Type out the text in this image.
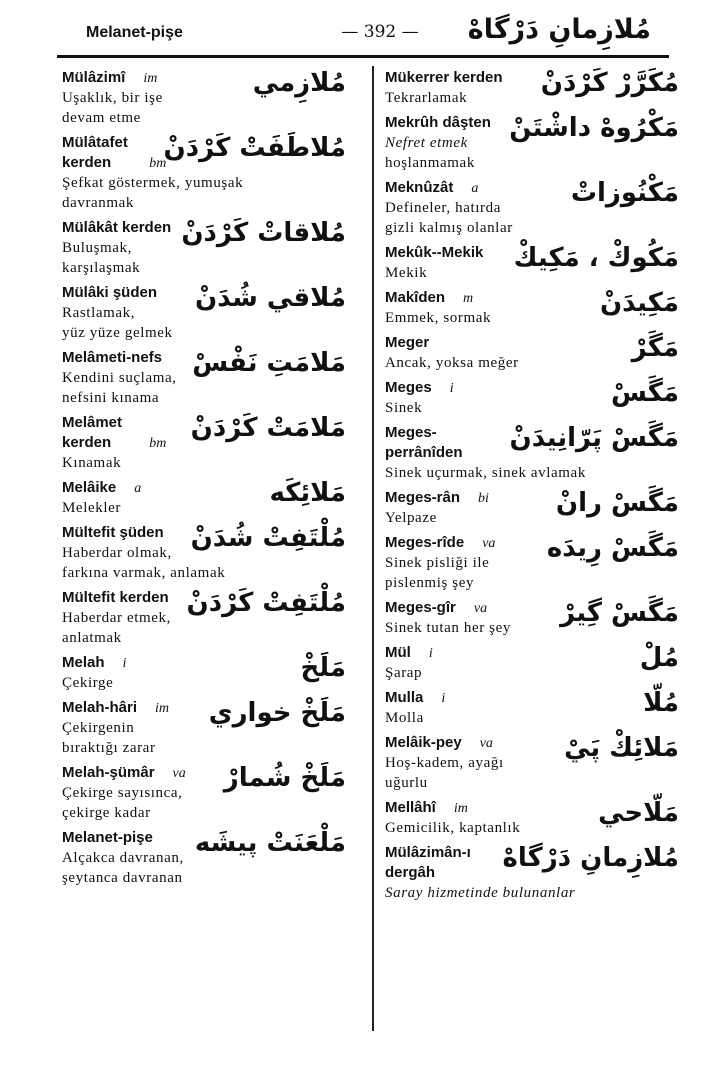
Melanet-pişe	— 392 —	مُلازِمانِ دَرْگاهْ
Mülâzimî im
Uşaklık, bir işe
devam etme
مُلازِمي
Mülâtafet
kerden	bm
Şefkat göstermek, yumuşak
davranmak
مُلاطَفَتْ كَرْدَنْ
Mülâkât kerden
Buluşmak,
karşılaşmak
مُلاقاتْ كَرْدَنْ
Mülâki şüden
Rastlamak,
yüz yüze gelmek
مُلاقي شُدَنْ
Melâmeti-nefs
Kendini suçlama,
nefsini kınama
مَلامَتِ نَفْسْ
Melâmet
kerden	bm
Kınamak
مَلامَتْ كَرْدَنْ
Melâike a
Melekler	مَلائِكَه
Mültefit şüden
Haberdar olmak,
farkına varmak, anlamak
مُلْتَفِتْ شُدَنْ
Mültefit kerden
Haberdar etmek,
anlatmak
مُلْتَفِتْ كَرْدَنْ
Melah i
Çekirge	مَلَخْ
Melah-hâri im
Çekirgenin
bıraktığı zarar
مَلَخْ خواري
Melah-şümâr va
Çekirge sayısınca,
çekirge kadar
مَلَخْ شُمارْ
Melanet-pişe
Alçakca davranan,
şeytanca davranan
مَلْعَنَتْ پيشَه
Mükerrer kerden
Tekrarlamak	مُكَرَّرْ كَرْدَنْ
Mekrûh dâşten
Nefret etmek
hoşlanmamak
مَكْرُوهْ داشْتَنْ
Meknûzât a
Defineler, hatırda
gizli kalmış olanlar
مَكْنُوزاتْ
Mekûk--Mekik
Mekik	مَكُوكْ ، مَكِيكْ
Makîden m
Emmek, sormak	مَكِيدَنْ
Meger
Ancak, yoksa meğer	مَگَرْ
Meges i
Sinek	مَگَسْ
Meges-
perrânîden
Sinek uçurmak, sinek avlamak
مَگَسْ پَرّانِيدَنْ
Meges-rân bi
Yelpaze	مَگَسْ رانْ
Meges-rîde va
Sinek pisliği ile
pislenmiş şey
مَگَسْ رِيدَه
Meges-gîr va
Sinek tutan her şey	مَگَسْ گِيرْ
Mül i
Şarap	مُلْ
Mulla i
Molla	مُلّا
Melâik-pey va
Hoş-kadem, ayağı
uğurlu
مَلائِكْ پَيْ
Mellâhî im
Gemicilik, kaptanlık	مَلّاحي
Mülâzimân-ı
dergâh
Saray hizmetinde bulunanlar
مُلازِمانِ دَرْگاهْ
